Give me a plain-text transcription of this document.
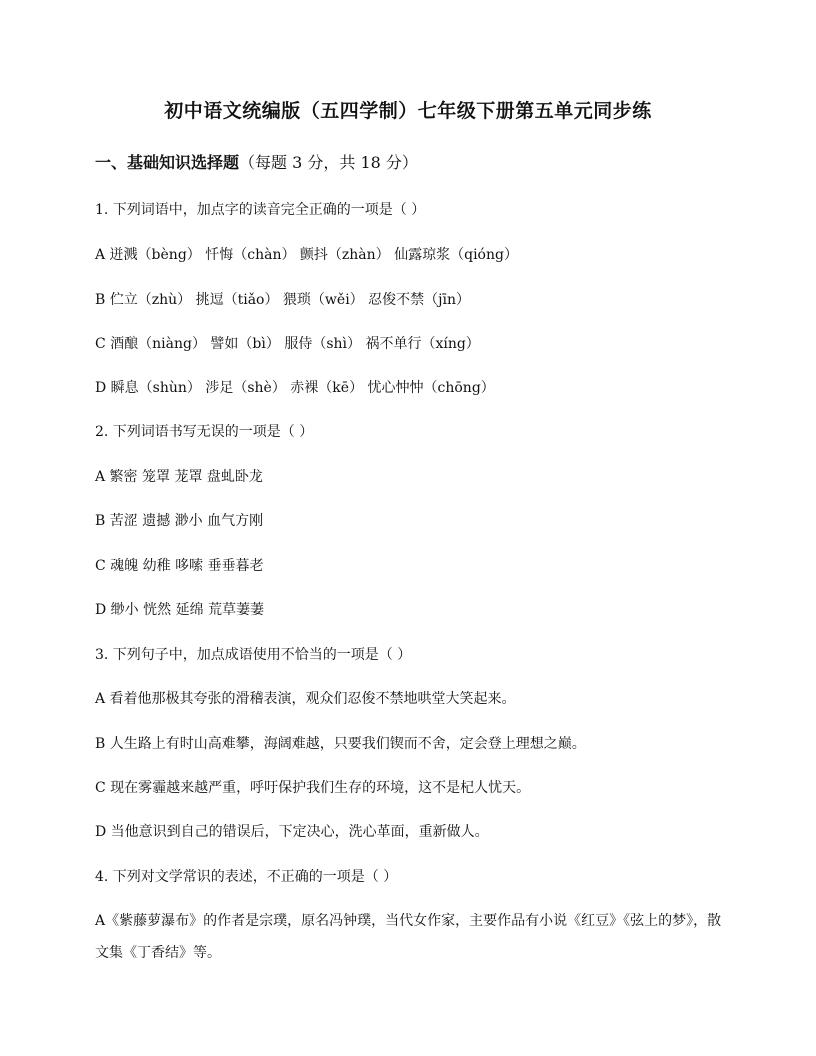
初中语文统编版（五四学制）七年级下册第五单元同步练
一、基础知识选择题（每题 3 分，共 18 分）
1. 下列词语中，加点字的读音完全正确的一项是（ ）
A 迸溅（bèng） 忏悔（chàn） 颤抖（zhàn） 仙露琼浆（qióng）
B 伫立（zhù） 挑逗（tiǎo） 猥琐（wěi） 忍俊不禁（jīn）
C 酒酿（niàng） 譬如（bì） 服侍（shì） 祸不单行（xíng）
D 瞬息（shùn） 涉足（shè） 赤裸（kē） 忧心忡忡（chōng）
2. 下列词语书写无误的一项是（ ）
A 繁密 笼罩 茏罩 盘虬卧龙
B 苦涩 遗撼 渺小 血气方刚
C 魂魄 幼稚 哆嗦 垂垂暮老
D 缈小 恍然 延绵 荒草萋萋
3. 下列句子中，加点成语使用不恰当的一项是（ ）
A 看着他那极其夸张的滑稽表演，观众们忍俊不禁地哄堂大笑起来。
B 人生路上有时山高难攀，海阔难越，只要我们锲而不舍，定会登上理想之巅。
C 现在雾霾越来越严重，呼吁保护我们生存的环境，这不是杞人忧天。
D 当他意识到自己的错误后，下定决心，洗心革面，重新做人。
4. 下列对文学常识的表述，不正确的一项是（ ）
A《紫藤萝瀑布》的作者是宗璞，原名冯钟璞，当代女作家，主要作品有小说《红豆》《弦上的梦》，散文集《丁香结》等。
